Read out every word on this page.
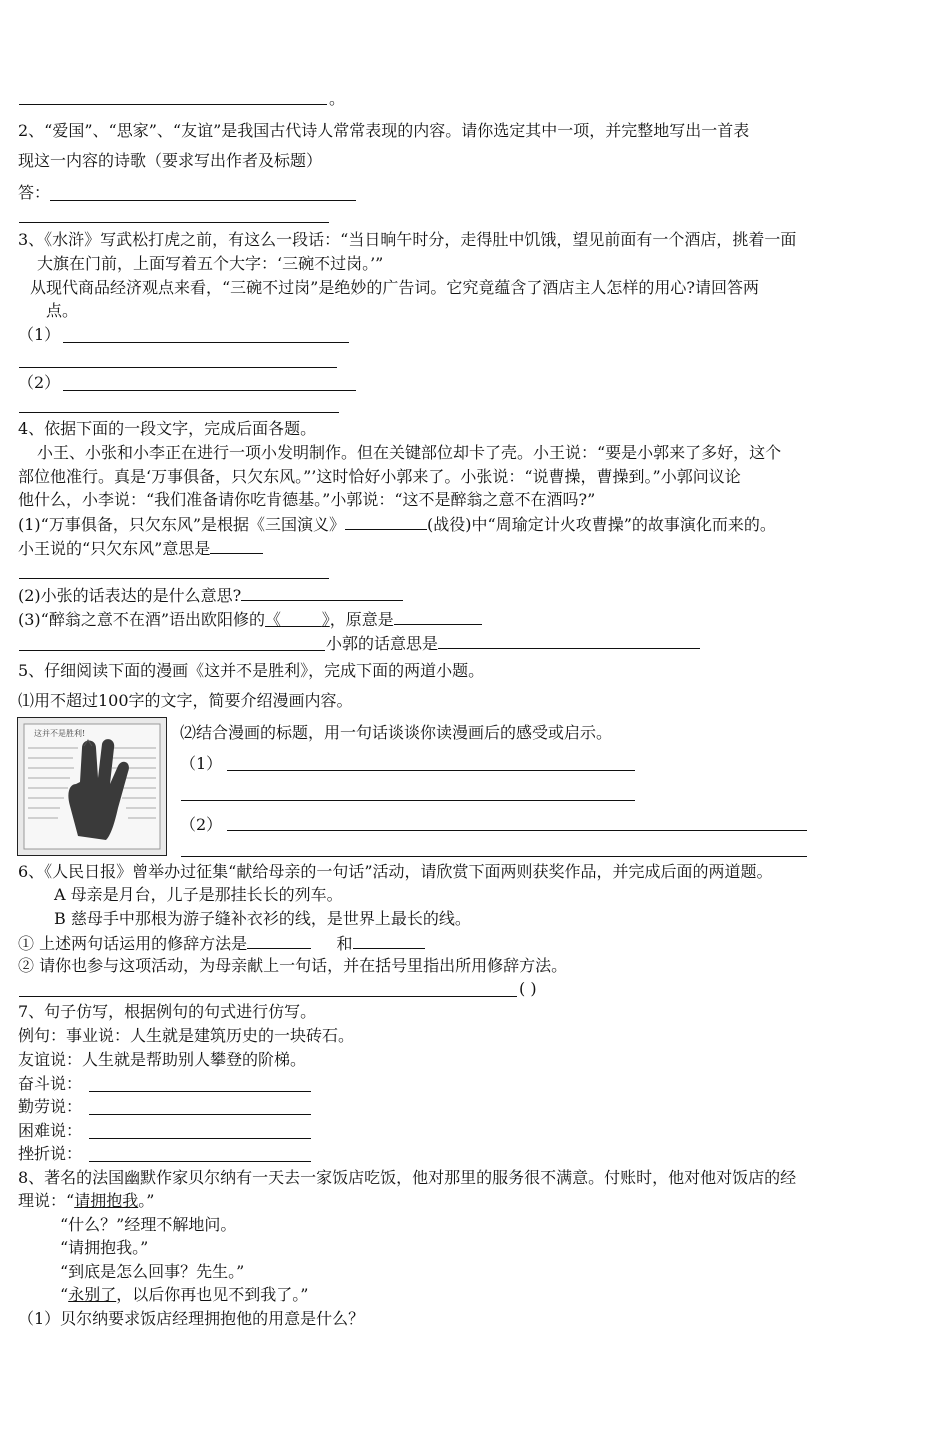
。
2、“爱国”、“思家”、“友谊”是我国古代诗人常常表现的内容。请你选定其中一项，并完整地写出一首表
现这一内容的诗歌（要求写出作者及标题）
答：
3、《水浒》写武松打虎之前，有这么一段话：“当日晌午时分，走得肚中饥饿，望见前面有一个酒店，挑着一面
大旗在门前，上面写着五个大字：‘三碗不过岗。’”
从现代商品经济观点来看，“三碗不过岗”是绝妙的广告词。它究竟蕴含了酒店主人怎样的用心?请回答两
点。
（1）
（2）
4、依据下面的一段文字，完成后面各题。
小王、小张和小李正在进行一项小发明制作。但在关键部位却卡了壳。小王说：“要是小郭来了多好，这个
部位他准行。真是‘万事俱备，只欠东风。”’这时恰好小郭来了。小张说：“说曹操，曹操到。”小郭问议论
他什么，小李说：“我们准备请你吃肯德基。”小郭说：“这不是醉翁之意不在酒吗?”
(1)“万事俱备，只欠东风”是根据《三国演义》	(战役)中“周瑜定计火攻曹操”的故事演化而来的。
小王说的“只欠东风”意思是
(2)小张的话表达的是什么意思?
(3)“醉翁之意不在酒”语出欧阳修的《	》，原意是
小郭的话意思是
5、仔细阅读下面的漫画《这并不是胜利》，完成下面的两道小题。
⑴用不超过100字的文字，简要介绍漫画内容。
这并不是胜利!	⑵结合漫画的标题，用一句话谈谈你读漫画后的感受或启示。
（1）
（2）
6、《人民日报》曾举办过征集“献给母亲的一句话”活动，请欣赏下面两则获奖作品，并完成后面的两道题。
A 母亲是月台，儿子是那挂长长的列车。
B 慈母手中那根为游子缝补衣衫的线，是世界上最长的线。
① 上述两句话运用的修辞方法是	和
② 请你也参与这项活动，为母亲献上一句话，并在括号里指出所用修辞方法。
( )
7、句子仿写，根据例句的句式进行仿写。
例句：事业说：人生就是建筑历史的一块砖石。
友谊说：人生就是帮助别人攀登的阶梯。
奋斗说：
勤劳说：
困难说：
挫折说：
8、著名的法国幽默作家贝尔纳有一天去一家饭店吃饭，他对那里的服务很不满意。付账时，他对他对饭店的经
理说：“请拥抱我。”
“什么？”经理不解地问。
“请拥抱我。”
“到底是怎么回事？先生。”
“永别了，以后你再也见不到我了。”
（1）贝尔纳要求饭店经理拥抱他的用意是什么？
